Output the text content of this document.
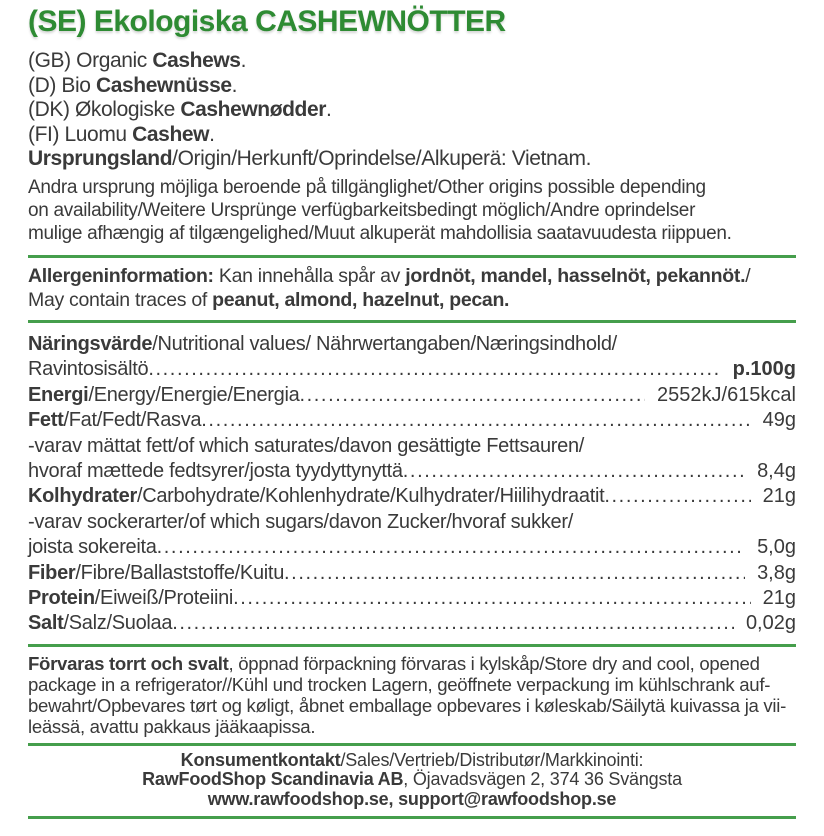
(SE) Ekologiska CASHEWNÖTTER
(GB) Organic Cashews.
(D) Bio Cashewnüsse.
(DK) Økologiske Cashewnødder.
(FI) Luomu Cashew.
Ursprungsland/Origin/Herkunft/Oprindelse/Alkuperä: Vietnam.
Andra ursprung möjliga beroende på tillgänglighet/Other origins possible depending
on availability/Weitere Ursprünge verfügbarkeitsbedingt möglich/Andre oprindelser
mulige afhængig af tilgængelighed/Muut alkuperät mahdollisia saatavuudesta riippuen.
Allergeninformation: Kan innehålla spår av jordnöt, mandel, hasselnöt, pekannöt./
May contain traces of peanut, almond, hazelnut, pecan.
Näringsvärde/Nutritional values/ Nährwertangaben/Næringsindhold/
Ravintosisältö .....	p.100g
Energi/Energy/Energie/Energia .....	2552kJ/615kcal
Fett/Fat/Fedt/Rasva .....	49g
-varav mättat fett/of which saturates/davon gesättigte Fettsauren/
hvoraf mættede fedtsyrer/josta tyydyttynyttä .....	8,4g
Kolhydrater/Carbohydrate/Kohlenhydrate/Kulhydrater/Hiilihydraatit .....	21g
-varav sockerarter/of which sugars/davon Zucker/hvoraf sukker/
joista sokereita .....	5,0g
Fiber/Fibre/Ballaststoffe/Kuitu .....	3,8g
Protein/Eiweiß/Proteiini .....	21g
Salt/Salz/Suolaa .....	0,02g
Förvaras torrt och svalt, öppnad förpackning förvaras i kylskåp/Store dry and cool, opened
package in a refrigerator//Kühl und trocken Lagern, geöffnete verpackung im kühlschrank auf-
bewahrt/Opbevares tørt og køligt, åbnet emballage opbevares i køleskab/Säilytä kuivassa ja vii-
leässä, avattu pakkaus jääkaapissa.
Konsumentkontakt/Sales/Vertrieb/Distributør/Markkinointi:
RawFoodShop Scandinavia AB, Öjavadsvägen 2, 374 36 Svängsta
www.rawfoodshop.se, support@rawfoodshop.se
